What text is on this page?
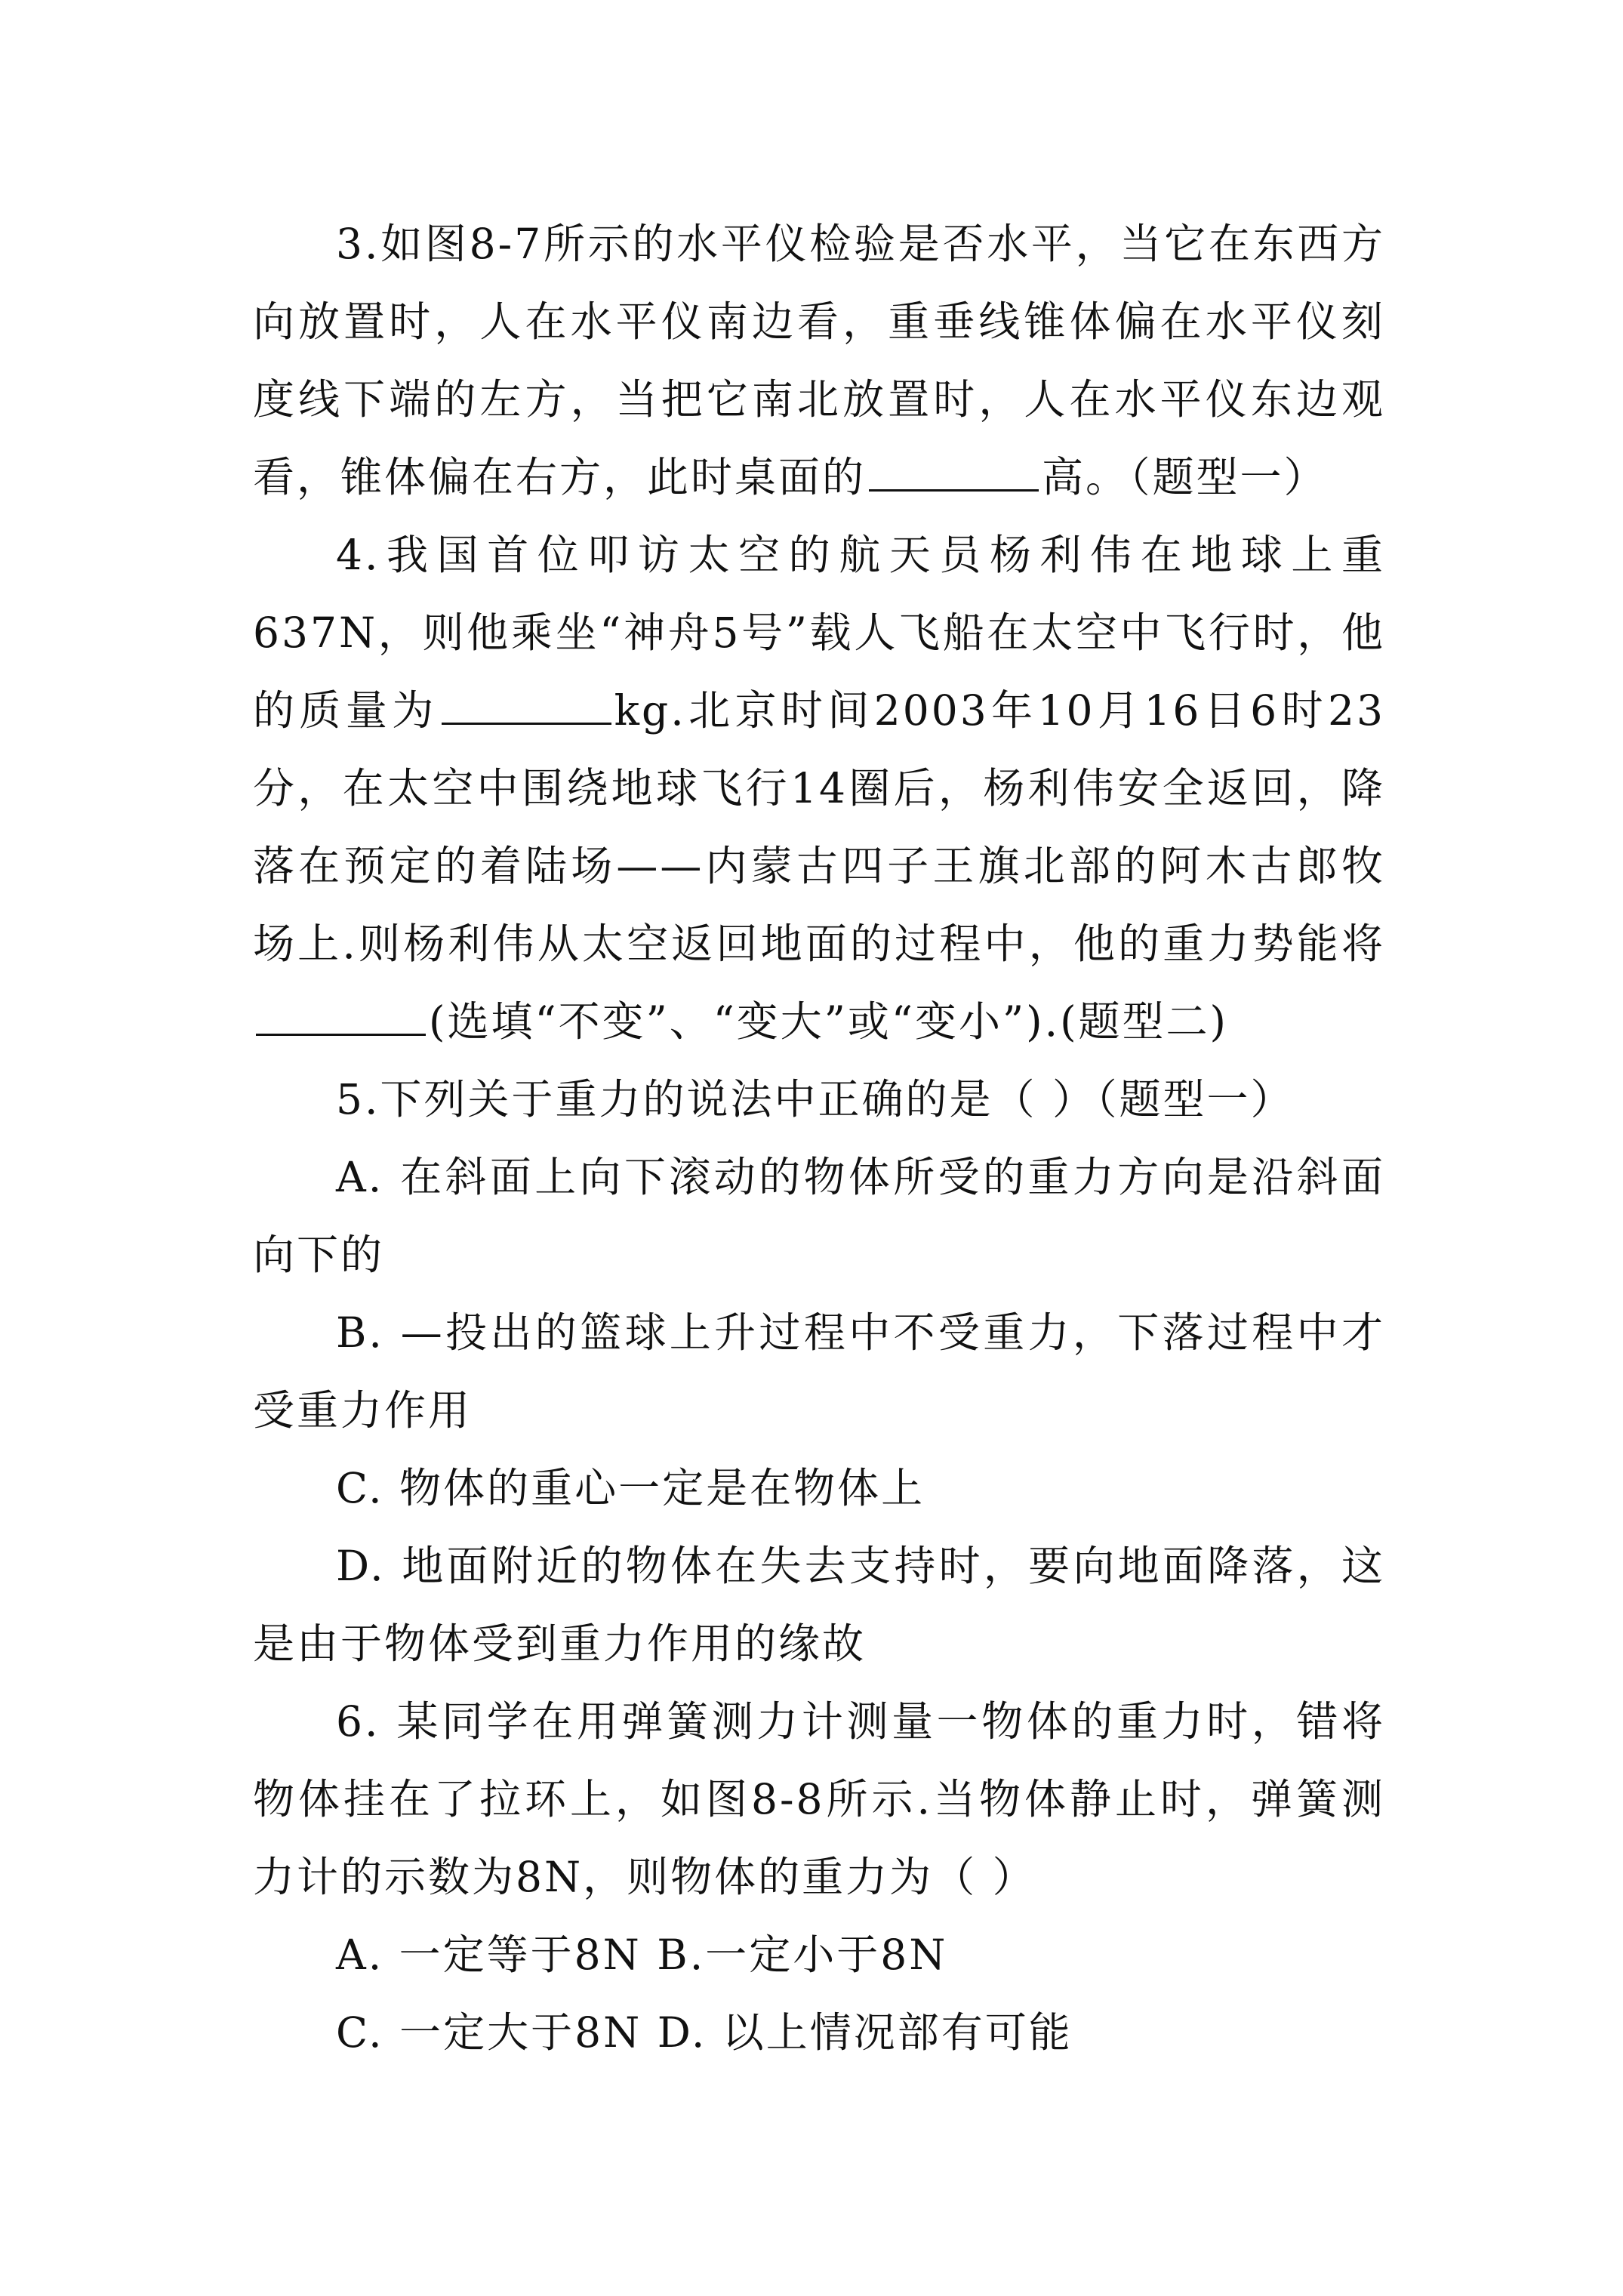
3.如图8-7所示的水平仪检验是否水平，当它在东西方向放置时，人在水平仪南边看，重垂线锥体偏在水平仪刻度线下端的左方，当把它南北放置时，人在水平仪东边观看，锥体偏在右方，此时桌面的	高。（题型一）

4.我国首位叩访太空的航天员杨利伟在地球上重637N，则他乘坐“神舟5号”载人飞船在太空中飞行时，他的质量为	kg.北京时间2003年10月16日6时23分，在太空中围绕地球飞行14圈后，杨利伟安全返回，降落在预定的着陆场——内蒙古四子王旗北部的阿木古郎牧场上.则杨利伟从太空返回地面的过程中，他的重力势能将(选填“不变”、“变大”或“变小”).(题型二)

5.下列关于重力的说法中正确的是（ ）（题型一）

A. 在斜面上向下滚动的物体所受的重力方向是沿斜面向下的

B. —投出的篮球上升过程中不受重力，下落过程中才受重力作用

C. 物体的重心一定是在物体上

D. 地面附近的物体在失去支持时，要向地面降落，这是由于物体受到重力作用的缘故

6. 某同学在用弹簧测力计测量一物体的重力时，错将物体挂在了拉环上，如图8-8所示.当物体静止时，弹簧测力计的示数为8N，则物体的重力为（ ）

A. 一定等于8N B.一定小于8N

C. 一定大于8N D. 以上情况部有可能
